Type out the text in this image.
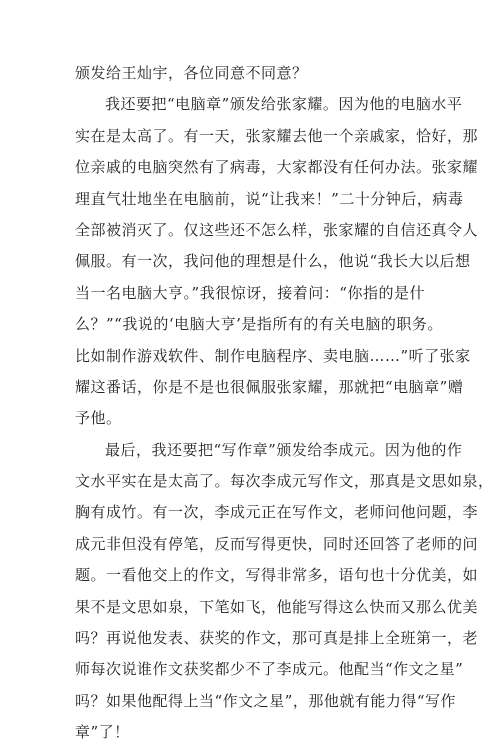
颁发给王灿宇，各位同意不同意？
我还要把“电脑章”颁发给张家耀。因为他的电脑水平
实在是太高了。有一天，张家耀去他一个亲戚家，恰好，那
位亲戚的电脑突然有了病毒，大家都没有任何办法。张家耀
理直气壮地坐在电脑前，说“让我来！”二十分钟后，病毒
全部被消灭了。仅这些还不怎么样，张家耀的自信还真令人
佩服。有一次，我问他的理想是什么，他说“我长大以后想
当一名电脑大亨。”我很惊讶，接着问：“你指的是什
么？”“我说的‘电脑大亨’是指所有的有关电脑的职务。
比如制作游戏软件、制作电脑程序、卖电脑……”听了张家
耀这番话，你是不是也很佩服张家耀，那就把“电脑章”赠
予他。
最后，我还要把“写作章”颁发给李成元。因为他的作
文水平实在是太高了。每次李成元写作文，那真是文思如泉，
胸有成竹。有一次，李成元正在写作文，老师问他问题，李
成元非但没有停笔，反而写得更快，同时还回答了老师的问
题。一看他交上的作文，写得非常多，语句也十分优美，如
果不是文思如泉，下笔如飞，他能写得这么快而又那么优美
吗？再说他发表、获奖的作文，那可真是排上全班第一，老
师每次说谁作文获奖都少不了李成元。他配当“作文之星”
吗？如果他配得上当“作文之星”，那他就有能力得“写作
章”了！
